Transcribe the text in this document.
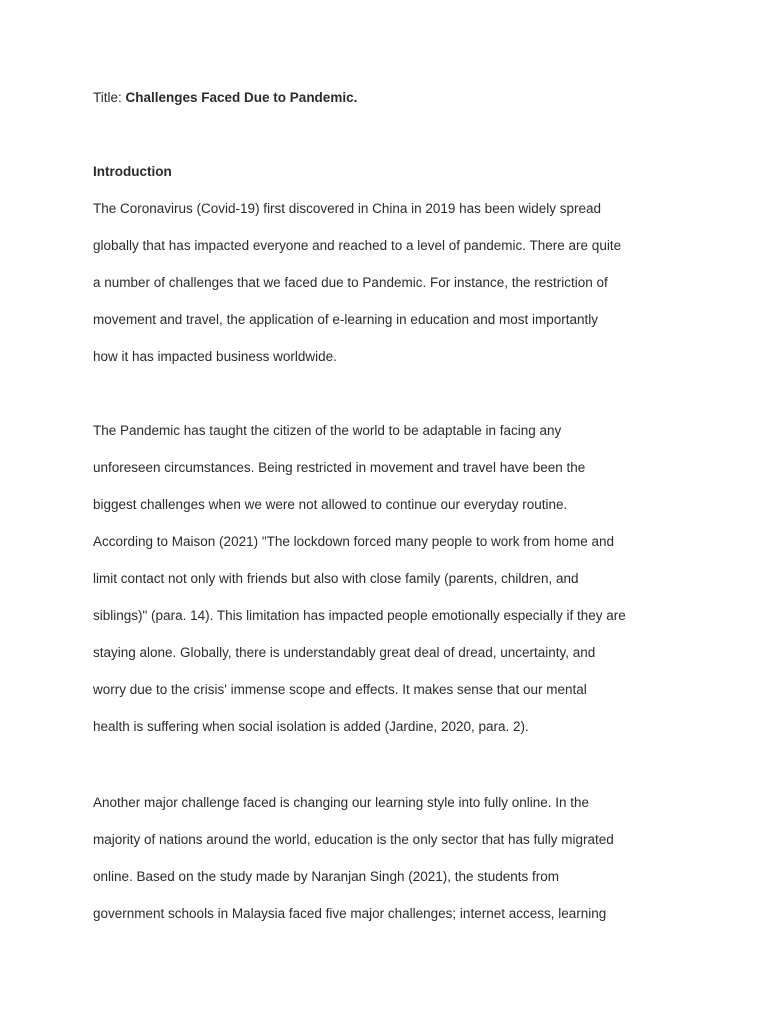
Title: Challenges Faced Due to Pandemic.
Introduction
The Coronavirus (Covid-19) first discovered in China in 2019 has been widely spread
globally that has impacted everyone and reached to a level of pandemic. There are quite
a number of challenges that we faced due to Pandemic. For instance, the restriction of
movement and travel, the application of e-learning in education and most importantly
how it has impacted business worldwide.
The Pandemic has taught the citizen of the world to be adaptable in facing any
unforeseen circumstances. Being restricted in movement and travel have been the
biggest challenges when we were not allowed to continue our everyday routine.
According to Maison (2021) "The lockdown forced many people to work from home and
limit contact not only with friends but also with close family (parents, children, and
siblings)" (para. 14). This limitation has impacted people emotionally especially if they are
staying alone. Globally, there is understandably great deal of dread, uncertainty, and
worry due to the crisis' immense scope and effects. It makes sense that our mental
health is suffering when social isolation is added (Jardine, 2020, para. 2).
Another major challenge faced is changing our learning style into fully online. In the
majority of nations around the world, education is the only sector that has fully migrated
online. Based on the study made by Naranjan Singh (2021), the students from
government schools in Malaysia faced five major challenges; internet access, learning
